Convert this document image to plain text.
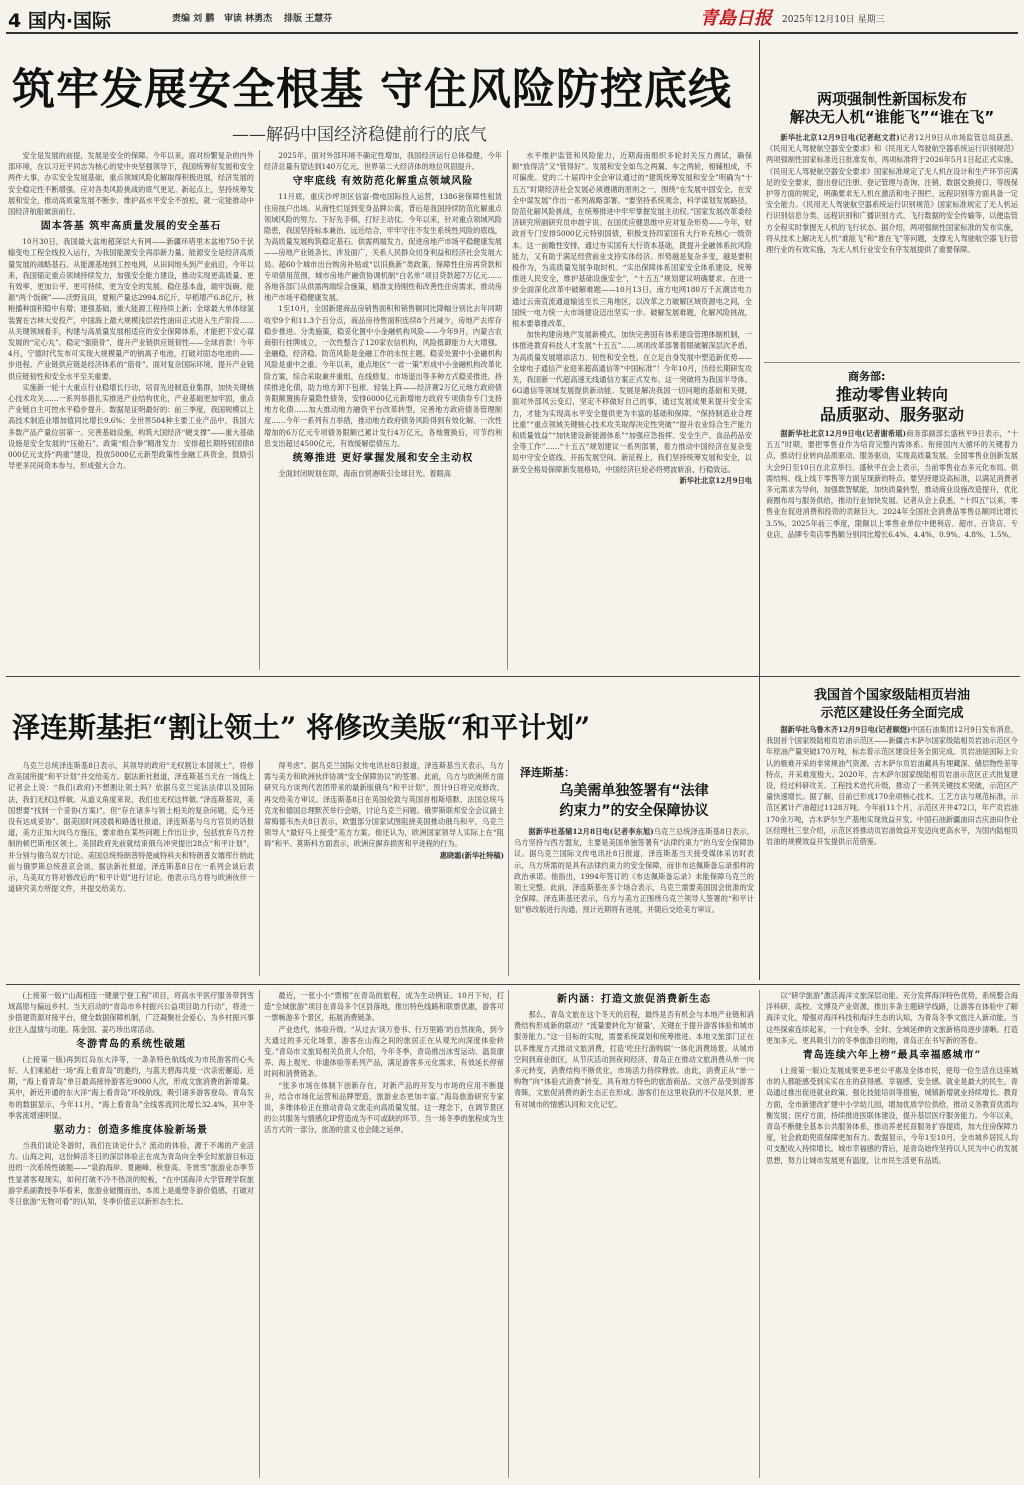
4 国内·国际	责编 刘 鹏 审读 林勇杰 排版 王慧芬	2025年12月10日 星期三
青島日报
筑牢发展安全根基 守住风险防控底线
——解码中国经济稳健前行的底气

安全是发展的前提，发展是安全的保障。今年以来，面对纷繁复杂的内外部环境，在以习近平同志为核心的党中央坚强领导下，我国统筹好发展和安全两件大事，办实安全发展基础，重点领域风险化解取得积极进展，经济发展的安全稳定性不断增强，应对各类风险挑战的底气更足。新起点上，坚持统筹发展和安全，推动高质量发展不断步，维护高水平安全不放松，就一定能推动中国经济航船破浪前行。

固本答基 筑牢高质量发展的安全基石

10月30日，我国最大盆地超深层大有网——新疆环塔里木盆地750千伏输变电工程全线投入运行，为我国能源安全再添新力量。能源安全是经济高质量发展的战略基石。从能源基地到工控电网，从田间地头到产业前沿，今年以来，我国锚定重点领域持续发力，加强安全能力建设，推动实现更高质量、更有效率、更加公平、更可持续、更为安全的发展。稳住基本盘，端牢饭碗、能源“两个饭碗”——沃野良田，夏粮产量达2994.8亿斤，早稻增产6.8亿斤，秋粮播种面积稳中有增；建强基础，重大能源工程持续上新；全球最大单体绿氢装置在吉林大安投产，中国海上最大规模浅层岩性油田正式进入生产阶段……从关键领域看手，构建与高质量发展相适应的安全保障体系，才能把下安心谋发展的“定心丸”。稳定“强筋骨”，提升产业链供应链韧性——全球首款！今年4月，宁德时代发布可实现大规模量产的钠离子电池，打破对固态电池的——步进程。产业链供应链是经济体系的“筋骨”。面对复杂国际环境，提升产业链供应链韧性和安全水平至关重要。

实施新一轮十大重点行业稳增长行动，培育先进制造业集群，加快关键核心技术攻关……一系列举措扎实推进产业结构优化，产业基础更加牢固，重点产业链自主可控水平稳步提升。数据是证明最好的：前三季度，我国规模以上高技术制造业增加值同比增长9.6%；全世界504种主要工业产品中，我国大多数产品产量位居第一。完善基础设施，构筑大国经济“硬支撑”——重大基础设施是安全发展的“压舱石”。政策“组合拳”精准发力：安排超长期特别国债8000亿元支持“两重”建设，投放5000亿元新型政策性金融工具资金，鼓励引导更多民间资本参与，形成强大合力。

2025年，面对外部环境不确定性增加，我国经济运行总体稳健，今年经济总量有望达到140万亿元，世界第二大经济体的地位巩固提升。

守牢底线 有效防范化解重点领域风险

11月底，重庆沙坪坝区信富·微电国际投入运营，1386套保障性租赁住房按户出场。从商性烂尾到变身品牌公寓，背后是我国持续防范化解重点领域风险的努力。下好先手棋，打好主动仗。今年以来，针对重点领域风险隐患，我国坚持标本兼治、远近结合，牢牢守住不发生系统性风险的底线，为高质量发展构筑稳定基石。供需两端发力，促进房地产市场平稳健康发展——房地产业链条长、涉及面广，关系人民群众切身利益和经济社会发展大局。超60个城市出台购房补贴或“以旧换新”类政策，保障性住房再贷款和专项债用范围，城市房地产融资协调机制“白名单”项目贷款超7万亿元……各地各部门从供需两端综合施策，精准支持刚性和改善性住房需求，推动房地产市场平稳健康发展。

1至10月，全国新建商品房销售面积和销售额同比降幅分别比去年同期收窄9个和11.3个百分点，商品房待售面积连续8个月减少，房地产去库存稳步推进。分类施策，稳妥化置中小金融机构风险——今年9月，内蒙古农商银行挂牌成立，一次性整合了120家农信机构，风险抵御能力大大增强。金融稳，经济稳。防范风险是金融工作的永恒主题。稳妥处置中小金融机构风险是重中之重。今年以来，重点地区“一省一策”形成中小金融机构改革化险方案，综合采取兼并重组、在线修复、市场退出等多种方式稳妥推进。持续推进化债，助力地方卸下包袱、轻装上阵——经济赛2万亿元地方政府债务限额置换存量隐性债务，安排6000亿元新增地方政府专项债券专门支持地方化债……加大推动地方融资平台改革转型，完善地方政府债务管理制度……今年一系列有力举措，推动地方政府债务风险得到有效化解。一次性增加的6万亿元专项债务限额已累计发行4万亿元，各地置换后，可节约利息支出超过4500亿元，有效缓解偿债压力。

统筹推进 更好掌握发展和安全主动权

全面封闭规划在即，海南自贸港吸引全球目光。着眼高

水平维护监管和风险能力，近期海南组织多轮封关压力测试，确保顺“放得活”又“管得好”。发展和安全如鸟之两翼、车之两轮，相辅相成，不可偏废。党的二十届四中全会审议通过的“建筑统筹发展和安全”明确为“十五五”时期经济社会发展必须遵循的原则之一，围绕“在发展中固安全，在安全中谋发展”作出一系列战略部署。“要坚持系统观念，科学谋划发展路径，防范化解风险挑战，在统筹推进中牢牢掌握发展主动权。”国家发展改革委经济研究所副研究员申晨宇说。在国优应健思维中应对复杂形势——今年，财政首专门安排5000亿元特别国债，积极支持四家国有大行补充核心一级资本。这一前瞻性安排，通过夯实国有大行资本基础，既提升金融体系抗风险能力，又有助于满足经营前业支持实体经济。形势越是复杂多变，越是要积极作为，为高质量发展争取时机。“实出保障体系国家安全体系建设，统筹推进人民安全，维护基础设施安全”，“十五五”规划建议明确要求。在进一步全面深化改革中破解难题——10月13日，南方电网180万千瓦潮洁电力通过云南直流通道输送至长三角地区，以改革之力破解区域资源电之间，全国统一电力统一大市场建设迈出坚实一步。破解发展难题，化解风险挑战，根本要靠推改革。

加快构建房地产发展新模式，加快完善国有体系建设管理体制机制，一体推进教育科技人才发展“十五五”……项项改革部署着眼破解深层次矛盾，为高质量发展增添活力、韧性和安全性。在立足自身发展中塑造新优势——全球电子通信产业迎来超高通信等“中国标准”！今年10月，历经长期研发攻关，我国新一代超高速无线通信方案正式发布。这一突破将为我国半导体、6G通信等领域发展提供新动能。发展是解决我国一切问题的基础和关键。面对外部风云变幻，坚定不移做好自己的事，通过发展成果来提升安全实力，才能为实现高水平安全提供更为丰富的基础和保障。“保持制造业合理比重”“重点领域关键核心技术攻关取得决定性突破”“提升农业综合生产能力和质量效益”“加快建设新能源体系”“加强应急指挥、安全生产、食品药品安全等工作”……“十五五”规划建议一系列部署，着力推动中国经济在复杂变局中守安全底线、开拓发展空间。新征程上，我们坚持统筹发展和安全，以新安全格局保障新发展格局，中国经济巨轮必将劈波斩浪、行稳致远。

新华社北京12月9日电
两项强制性新国标发布
解决无人机“谁能飞”“谁在飞”

新华社北京12月9日电(记者赵文君)记者12月9日从市场监管总局获悉，《民用无人驾驶航空器安全要求》和《民用无人驾驶航空器系统运行识别规范》两项强制性国家标准近日批准发布，两项标准将于2026年5月1日起正式实施。《民用无人驾驶航空器安全要求》国家标准规定了无人机在设计和生产环节应满足的安全要求，提出登记注册、登记管理与查询、注销、数据交换接口、等级保护等方面的规定，明确要求无人机在激活和电子围栏、远程识别等方面具备一定安全能力。《民用无人驾驶航空器系统运行识别规范》国家标准规定了无人机运行识别信息分类、远程识别和广播识别方式、飞行数据的安全传输等，以便监管方全程实时掌握无人机的飞行状态。据介绍，两项强制性国家标准的发布实施，将从技术上解决无人机“谁能飞”和“谁在飞”等问题，支撑无人驾驶航空器飞行管理行业的有效实施，为无人机行业安全有序发展提供了重要保障。

商务部:
推动零售业转向
品质驱动、服务驱动

据新华社北京12月9日电(记者谢希瑶)商务部副部长盛秋平9日表示，“十五五”时期，要把零售业作为培育完整内需体系、衔接国内大循环的关键着力点，推动行业转向品质驱动、服务驱动，实现高质量发展。全国零售业创新发展大会9日至10日在北京举行。盛秋平在会上表示，当前零售业态多元化布局、供需结构、线上线下零售等方面呈现新的特点。要坚持建设高标准，以满足消费者多元需求为导向，加强数智赋能，加快质量转型，推动商业设施改造提升，优化商圈布局与服务供给，推动行业加快发展。记者从会上获悉，“十四五”以来，零售业在促进消费和投资的贡献巨大。2024年全国社会消费品零售总额同比增长3.5%，2025年前三季度，限额以上零售业单位中便利店、超市、百货店、专业店、品牌专卖店零售额分别同比增长6.4%、4.4%、0.9%、4.8%、1.5%。

我国首个国家级陆相页岩油
示范区建设任务全面完成

据新华社乌鲁木齐12月9日电(记者顾煜)中国石油集团12月9日发布消息，我国首个国家级陆相页岩油示范区——新疆吉木萨尔国家级陆相页岩油示范区今年原油产量突破170万吨，标志着示范区建设任务全面完成。页岩油是国际上公认的极难开采的非常规油气资源。吉木萨尔页岩油藏具有埋藏深、储层物性差等特点，开采难度极大。2020年，吉木萨尔国家级陆相页岩油示范区正式批复建设，经过科研攻关、工程技术迭代升级，推动了一系列关键技术突破，示范区产量快速增长。据了解，目前已形成170余项核心技术、工艺方法与规范标准，示范区累计产油超过1128万吨。今年前11个月，示范区开井472口，年产页岩油170余万吨，吉木萨尔生产基地实现效益开发。中国石油新疆油田吉庆油田作业区经理杜三堂介绍，示范区将推动页岩油效益开发迈向更高水平，为国内陆相页岩油的规模效益开发提供示范借鉴。

泽连斯基拒“割让领土” 将修改美版“和平计划”

乌克兰总统泽连斯基8日表示，其领导的政府“无权割让本国领土”，将修改美国所提“和平计划”并交给美方。据法新社报道，泽连斯基当天在一场线上记者会上说：“我们(政府)不想割让领土吗？依据乌克兰宪法法律以及国际法，我们无权这样做。从道义角度来说，我们也无权这样做。”泽连斯基说，美国想要“找到一个妥协(方案)”，但“存在诸多与领土相关的复杂问题，迄今还没有达成妥协”。据美国时间凌晨和路透社报道，泽连斯基与乌方官员的话报道，美方正加大向乌方施压，要求他在某些问题上作出让步，包括放弃乌方控制的顿巴斯地区领土。美国政府先前就结束俄乌冲突提出28点“和平计划”，并分别与俄乌双方讨论。美国总统特朗普特使威特科夫和特朗普女婿库什纳此前与俄罗斯总统普京会谈。据法新社报道，泽连斯基8日在一系列会谈后表示，乌美双方将对修改后的“和平计划”进行讨论。他表示乌方将与欧洲伙伴一道研究美方所提文件，并提交给美方。

得考虑”。据乌克兰国际文传电讯社8日报道，泽连斯基当天表示，乌方需与美方和欧洲伙伴协调“安全保障协议”的签署。此前，乌方与欧洲所方面研究乌方谈判代表团带来的最新版俄乌“和平计划”，预计9日将完成修改，再交给美方审议。泽连斯基8日在英国伦敦与英国首相斯塔默、法国总统马克龙和德国总理默茨举行会晤，讨论乌克兰问题。俄罗斯联邦安全会议副主席梅德韦杰夫8日表示，欧盟部分国家试图阻挠美国推动俄乌和平，乌克兰领导人“最好马上接受”美方方案。他还认为，欧洲国家领导人实际上在“阻碍”和平。莫斯科方面表示，欧洲应摒弃损害和平进程的行为。

惠晓霜(新华社特稿)
泽连斯基：
乌美需单独签署有“法律
约束力”的安全保障协议

据新华社基辅12月8日电(记者李东旭)乌克兰总统泽连斯基8日表示，乌方坚持与西方盟友，主要是美国单独签署有“法律约束力”的乌安全保障协议。据乌克兰国际文传电讯社8日报道，泽连斯基当天接受媒体采访时表示，乌方所需的是具有法律约束力的安全保障，而非布达佩斯备忘录那样的政治承诺。他指出，1994年签订的《布达佩斯备忘录》未能保障乌克兰的领土完整。此前，泽连斯基在多个场合表示，乌克兰需要美国国会批准的安全保障。泽连斯基还表示，乌方与美方正围绕乌克兰领导人签署的“和平计划”修改版进行沟通，预计近期将有进展，并随后交给美方审议。

(上接第一版)“山海相连一键康宁登工程”项目，将高水平医疗服务带到雪域高原与偏远乡村。当天启动的“青岛市乡村振兴公益项目助力行动”，将进一步搭建资源对接平台，健全数据保障机制，广泛凝聚社会爱心，为乡村振兴事业注入温情与动能。陈金国、姜巧珍出席活动。

冬游青岛的系统性破题

(上接第一版)再到红岛东大洋等，一条条特色航线成为市民游客的心头好。人们乘船赶一场“海上看青岛”的邀约，与蓝天碧海共度一次亲密邂逅。近期，“海上看青岛”单日最高接待游客近9000人次，形成文旅消费的新增量。其中，新近开通的东大洋“海上看青岛”环线航线，吸引诸多游客登岛。青岛发布的数据显示，今年11月，“海上看青岛”全线客流同比增长32.4%，其中冬季客流增速明显。

驱动力：创造多维度体验新场景

当我们谈论冬游时，我们在谈论什么？流动的体验，源于不竭的产业活力。山海之间，这份鲜活冬日的深层体验正在成为青岛向全季全时旅游目标迈进的一次系统性破题——“泉韵海岸、夏融峰、秋登高、冬赏雪”旅游业态季节性显著客观现实，如何打破不冷不热淡的短板，“在中国海洋大学管理学院旅游学系副教授李华看来，旅游业破圈而出，本质上是重塑冬游价值感，打破对冬日旅游“无物可看”的认知，冬季价值正以新形态生长。

最近，一张小小“票根”在青岛的旅程，成为生动例证。10月下旬，打造“全域旅游”项目在青岛多个区县落地，推出特色线路和联票优惠，游客可一票畅游多个景区，拓展消费链条。

产业迭代，体验升级。“从过去‘读万卷书、行万里路’的自然视角，到今天通过的多元化场景，游客在山海之间的旅居正在从观光向深度体验转变。”青岛市文旅局相关负责人介绍，今年冬季，青岛推出冰雪运动、温泉康养、海上观光、非遗体验等系列产品，满足游客多元化需求，有效延长停留时间和消费链条。

“张多市场在体制下创新存在，对新产品的开发与市场的应用不断提升，结合市场化运营和品牌塑造，旅游业态更加丰富。”海岛旅游研究专家说，多维体验正在推动青岛文旅走向高质量发展。这一理念下，在调节景区的公共服务与情感化IP营造成为不可或缺的环节。当一场冬季的旅程成为生活方式的一部分，旅游的意义也会随之延伸。

新内涵：打造文旅促消费新生态

那么，青岛文旅在这个冬天的启程，最终是否有机会与本地产业链和消费结构形成新的联动？“流量要转化为‘留量’，关键在于提升游客体验和城市服务能力。”这一目标的实现，需要系统谋划和统筹推进。本地文旅部门正在以多维度方式推动文旅消费，打造‘吃住行游购娱’一体化消费场景。从城市空间到商业街区，从节庆活动到夜间经济，青岛正在推动文旅消费从单一向多元转变，消费结构不断优化，市场活力持续释放。由此，消费正从“单一购物”向“体验式消费”转变。具有地方特色的旅游商品、文创产品受到游客青睐，文旅促消费的新生态正在形成。游客们在这里收获的不仅是风景，更有对城市的情感认同和文化记忆。

以“研学旅游”激活海洋文旅深层动能。充分发挥海洋特色优势，系统整合海洋科研、高校、文博及产业资源，推出多条主题研学线路，让游客在体验中了解海洋文化，增强对海洋科技和海洋生态的认知，为青岛冬季文旅注入新动能。当这些探索连续起来，一个向全季、全时、全域延伸的文旅新格局逐步清晰。打造更加多元、更具吸引力的冬季旅游目的地，青岛正在书写新的答卷。

青岛连续六年上榜“最具幸福感城市”

(上接第一版)让发展成果更多更公平惠及全体市民，使每一位生活在这座城市的人都能感受到实实在在的获得感、幸福感、安全感。就业是最大的民生，青岛通过推出促进就业政策、强化技能培训等措施，城镇新增就业持续增长。教育方面，全市新建改扩建中小学幼儿园，增加优质学位供给，推动义务教育优质均衡发展；医疗方面，持续推进医联体建设，提升基层医疗服务能力。今年以来，青岛不断健全基本公共服务体系，推动养老托育服务扩容提质，加大住房保障力度，社会救助兜底保障更加有力。数据显示，今年1至10月，全市城乡居民人均可支配收入持续增长。城市幸福感的背后，是青岛始终坚持以人民为中心的发展思想，努力让城市发展更有温度，让市民生活更有品质。
